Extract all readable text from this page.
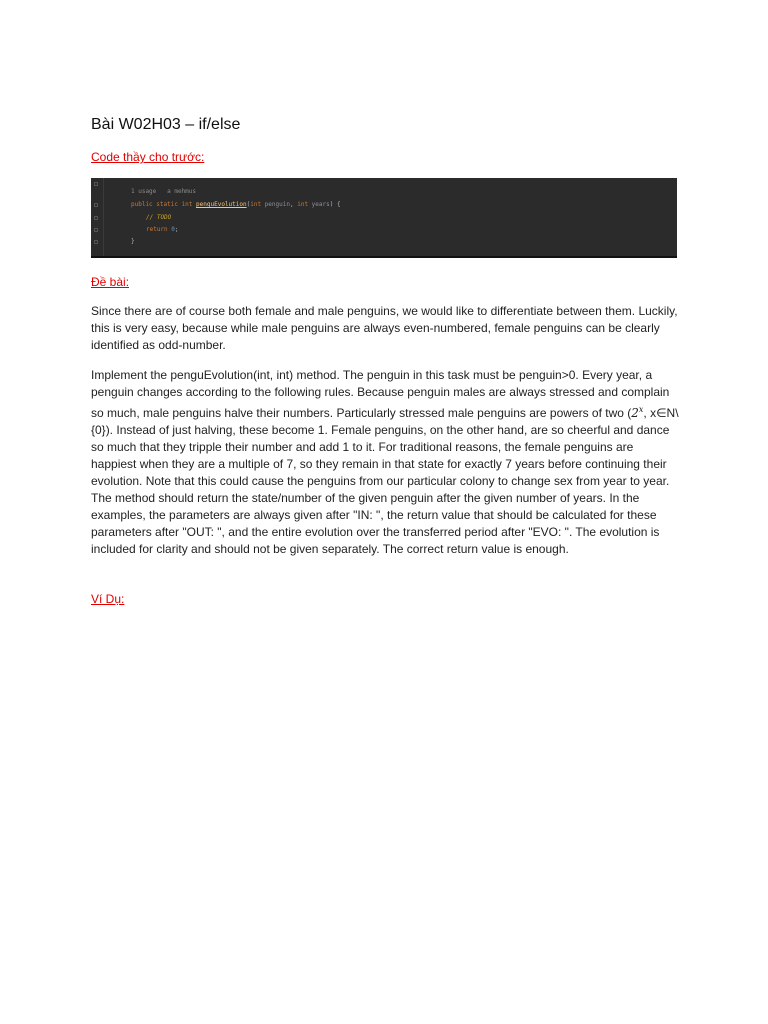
Bài W02H03 – if/else
Code thầy cho trước:
1 usage   a mehmus
public static int penguEvolution(int penguin, int years) {
// TODO
return 0;
}
Đề bài:

Since there are of course both female and male penguins, we would like to differentiate between them. Luckily, this is very easy, because while male penguins are always even-numbered, female penguins can be clearly identified as odd-number.

Implement the penguEvolution(int, int) method. The penguin in this task must be penguin>0. Every year, a penguin changes according to the following rules. Because penguin males are always stressed and complain so much, male penguins halve their numbers. Particularly stressed male penguins are powers of two (2$^x$, x∈N\{0}). Instead of just halving, these become 1. Female penguins, on the other hand, are so cheerful and dance so much that they tripple their number and add 1 to it. For traditional reasons, the female penguins are happiest when they are a multiple of 7, so they remain in that state for exactly 7 years before continuing their evolution. Note that this could cause the penguins from our particular colony to change sex from year to year. The method should return the state/number of the given penguin after the given number of years. In the examples, the parameters are always given after "IN: ", the return value that should be calculated for these parameters after "OUT: ", and the entire evolution over the transferred period after "EVO: ". The evolution is included for clarity and should not be given separately. The correct return value is enough.

Ví Dụ:
